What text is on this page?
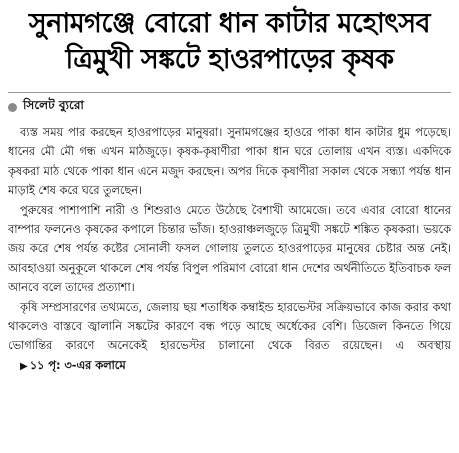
সুনামগঞ্জে বোরো ধান কাটার মহোৎসব
ত্রিমুখী সঙ্কটে হাওরপাড়ের কৃষক
সিলেট ব্যুরো

ব্যস্ত সময় পার করছেন হাওরপাড়ের মানুষরা। সুনামগঞ্জের হাওরে পাকা ধান কাটার ধুম পড়েছে। ধানের মৌ মৌ গন্ধ এখন মাঠজুড়ে। কৃষক-কৃষাণীরা পাকা ধান ঘরে তোলায় এখন ব্যস্ত। একদিকে কৃষকরা মাঠ থেকে পাকা ধান এনে মজুদ করছেন। অপর দিকে কৃষাণীরা সকাল থেকে সন্ধ্যা পর্যন্ত ধান মাড়াই শেষ করে ঘরে তুলছেন।

পুরুষের পাশাপাশি নারী ও শিশুরাও মেতে উঠেছে বৈশাখী আমেজে। তবে এবার বোরো ধানের বাম্পার ফলনেও কৃষকের কপালে চিন্তার ভাঁজ। হাওরাঞ্চলজুড়ে ত্রিমুখী সঙ্কটে শঙ্কিত কৃষকরা। ভয়কে জয় করে শেষ পর্যন্ত কষ্টের সোনালী ফসল গোলায় তুলতে হাওরপাড়ের মানুষের চেষ্টার অন্ত নেই। আবহাওয়া অনুকূলে থাকলে শেষ পর্যন্ত বিপুল পরিমাণ বোরো ধান দেশের অর্থনীতিতে ইতিবাচক ফল আনবে বলে তাদের প্রত্যাশা।

কৃষি সম্প্রসারণের তথ্যমতে, জেলায় ছয় শতাধিক কম্বাইন্ড হারভেস্টর সক্রিয়ভাবে কাজ করার কথা থাকলেও বাস্তবে জ্বালানি সঙ্কটের কারণে বন্ধ পড়ে আছে অর্ধেকের বেশি। ডিজেল কিনতে গিয়ে ভোগান্তির কারণে অনেকেই হারভেস্টর চালানো থেকে বিরত রয়েছেন। এ অবস্থায় ▶ ১১ পৃ: ৩-এর কলামে
